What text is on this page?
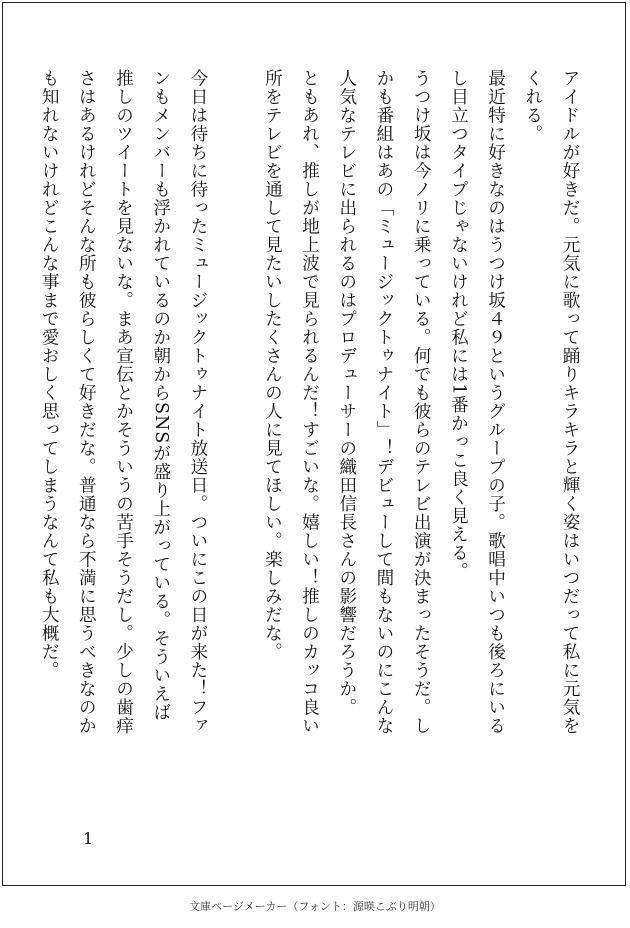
アイドルが好きだ。元気に歌って踊りキラキラと輝く姿はいつだって私に元気を
くれる。
最近特に好きなのはうつけ坂４９というグループの子。歌唱中いつも後ろにいる
し目立つタイプじゃないけれど私には1番かっこ良く見える。
うつけ坂は今ノリに乗っている。何でも彼らのテレビ出演が決まったそうだ。し
かも番組はあの「ミュージックトゥナイト」！デビューして間もないのにこんな
人気なテレビに出られるのはプロデューサーの織田信長さんの影響だろうか。
ともあれ、推しが地上波で見られるんだ！すごいな。嬉しい！推しのカッコ良い
所をテレビを通して見たいしたくさんの人に見てほしい。楽しみだな。

今日は待ちに待ったミュージックトゥナイト放送日。ついにこの日が来た！ファ
ンもメンバーも浮かれているのか朝からSNSが盛り上がっている。そういえば
推しのツイートを見ないな。まあ宣伝とかそういうの苦手そうだし。少しの歯痒
さはあるけれどそんな所も彼らしくて好きだな。普通なら不満に思うべきなのか
も知れないけれどこんな事まで愛おしく思ってしまうなんて私も大概だ。
1
文庫ページメーカー（フォント：源暎こぶり明朝）
